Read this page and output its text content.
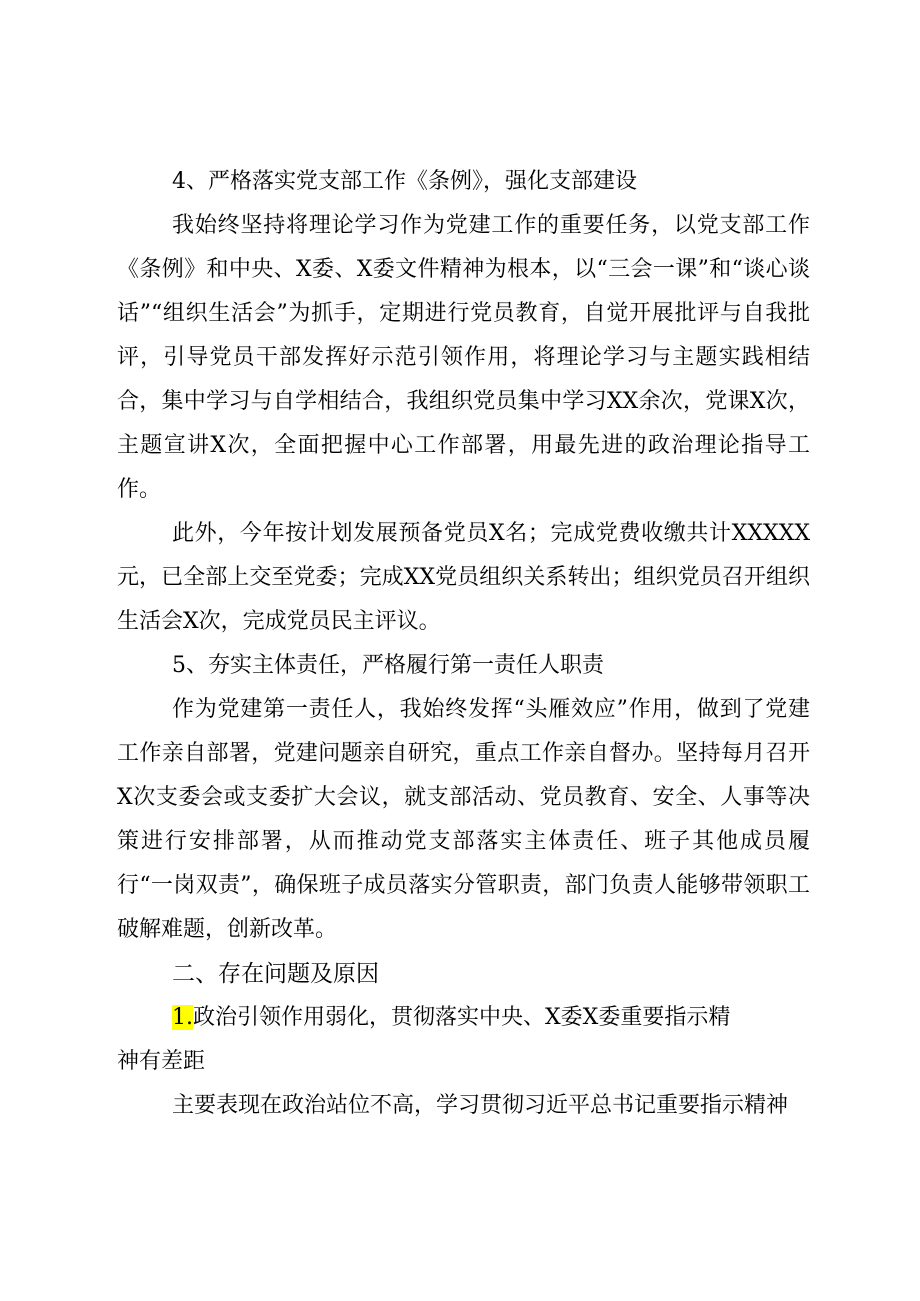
4、严格落实党支部工作《条例》，强化支部建设

我始终坚持将理论学习作为党建工作的重要任务，以党支部工作《条例》和中央、X委、X委文件精神为根本，以“三会一课”和“谈心谈话”“组织生活会”为抓手，定期进行党员教育，自觉开展批评与自我批评，引导党员干部发挥好示范引领作用，将理论学习与主题实践相结合，集中学习与自学相结合，我组织党员集中学习XX余次，党课X次，主题宣讲X次，全面把握中心工作部署，用最先进的政治理论指导工作。

此外，今年按计划发展预备党员X名；完成党费收缴共计XXXXX元，已全部上交至党委；完成XX党员组织关系转出；组织党员召开组织生活会X次，完成党员民主评议。

5、夯实主体责任，严格履行第一责任人职责

作为党建第一责任人，我始终发挥“头雁效应”作用，做到了党建工作亲自部署，党建问题亲自研究，重点工作亲自督办。坚持每月召开X次支委会或支委扩大会议，就支部活动、党员教育、安全、人事等决策进行安排部署，从而推动党支部落实主体责任、班子其他成员履行“一岗双责”，确保班子成员落实分管职责，部门负责人能够带领职工破解难题，创新改革。

二、存在问题及原因

1.政治引领作用弱化，贯彻落实中央、X委X委重要指示精

神有差距

主要表现在政治站位不高，学习贯彻习近平总书记重要指示精神
